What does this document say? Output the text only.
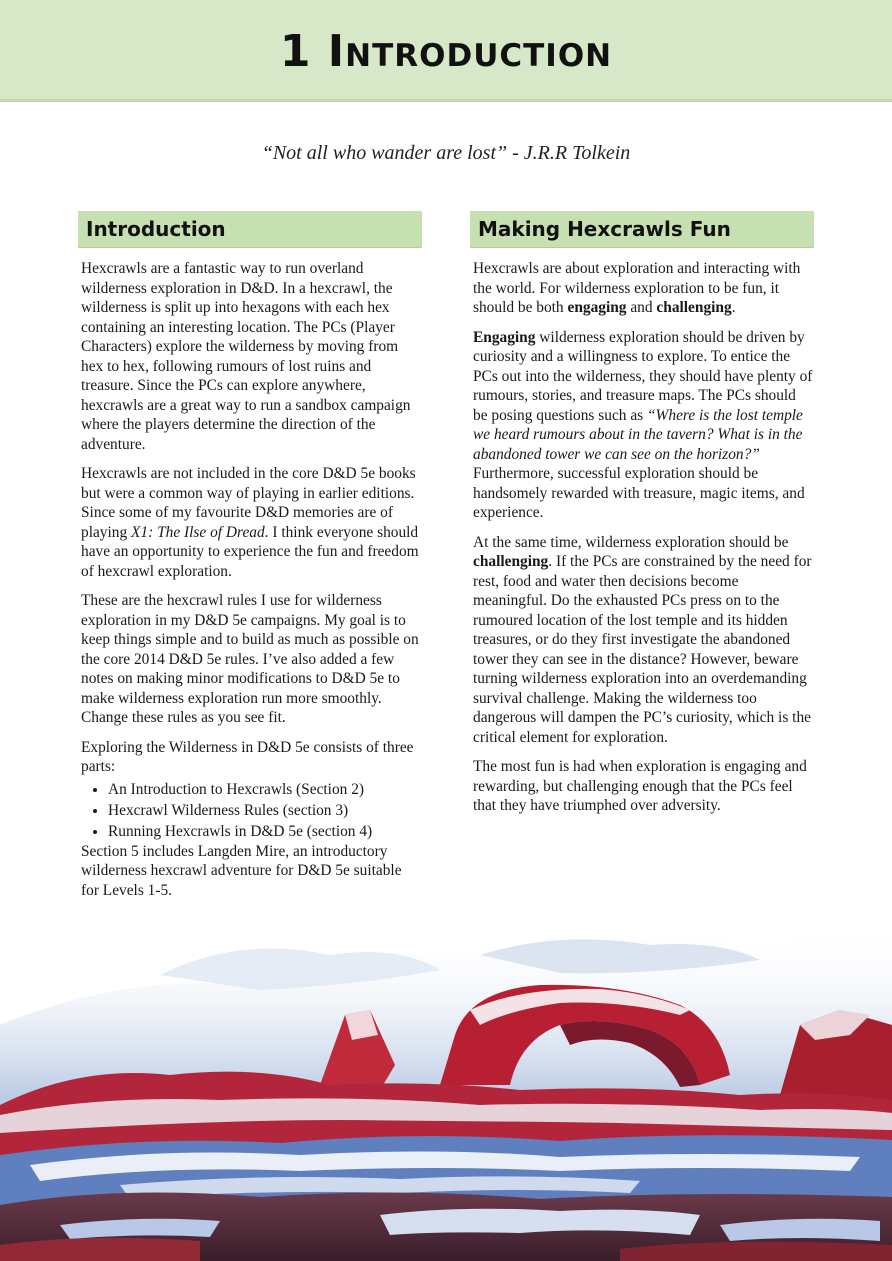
1 Introduction
“Not all who wander are lost” - J.R.R Tolkein
Introduction

Hexcrawls are a fantastic way to run overland wilderness exploration in D&D. In a hexcrawl, the wilderness is split up into hexagons with each hex containing an interesting location. The PCs (Player Characters) explore the wilderness by moving from hex to hex, following rumours of lost ruins and treasure. Since the PCs can explore anywhere, hexcrawls are a great way to run a sandbox campaign where the players determine the direction of the adventure.

Hexcrawls are not included in the core D&D 5e books but were a common way of playing in earlier editions. Since some of my favourite D&D memories are of playing X1: The Ilse of Dread. I think everyone should have an opportunity to experience the fun and freedom of hexcrawl exploration.

These are the hexcrawl rules I use for wilderness exploration in my D&D 5e campaigns. My goal is to keep things simple and to build as much as possible on the core 2014 D&D 5e rules. I’ve also added a few notes on making minor modifications to D&D 5e to make wilderness exploration run more smoothly. Change these rules as you see fit.

Exploring the Wilderness in D&D 5e consists of three parts:

• An Introduction to Hexcrawls (Section 2)
• Hexcrawl Wilderness Rules (section 3)
• Running Hexcrawls in D&D 5e (section 4)

Section 5 includes Langden Mire, an introductory wilderness hexcrawl adventure for D&D 5e suitable for Levels 1-5.

Making Hexcrawls Fun

Hexcrawls are about exploration and interacting with the world. For wilderness exploration to be fun, it should be both engaging and challenging.

Engaging wilderness exploration should be driven by curiosity and a willingness to explore. To entice the PCs out into the wilderness, they should have plenty of rumours, stories, and treasure maps. The PCs should be posing questions such as “Where is the lost temple we heard rumours about in the tavern? What is in the abandoned tower we can see on the horizon?” Furthermore, successful exploration should be handsomely rewarded with treasure, magic items, and experience.

At the same time, wilderness exploration should be challenging. If the PCs are constrained by the need for rest, food and water then decisions become meaningful. Do the exhausted PCs press on to the rumoured location of the lost temple and its hidden treasures, or do they first investigate the abandoned tower they can see in the distance? However, beware turning wilderness exploration into an overdemanding survival challenge. Making the wilderness too dangerous will dampen the PC’s curiosity, which is the critical element for exploration.

The most fun is had when exploration is engaging and rewarding, but challenging enough that the PCs feel that they have triumphed over adversity.
